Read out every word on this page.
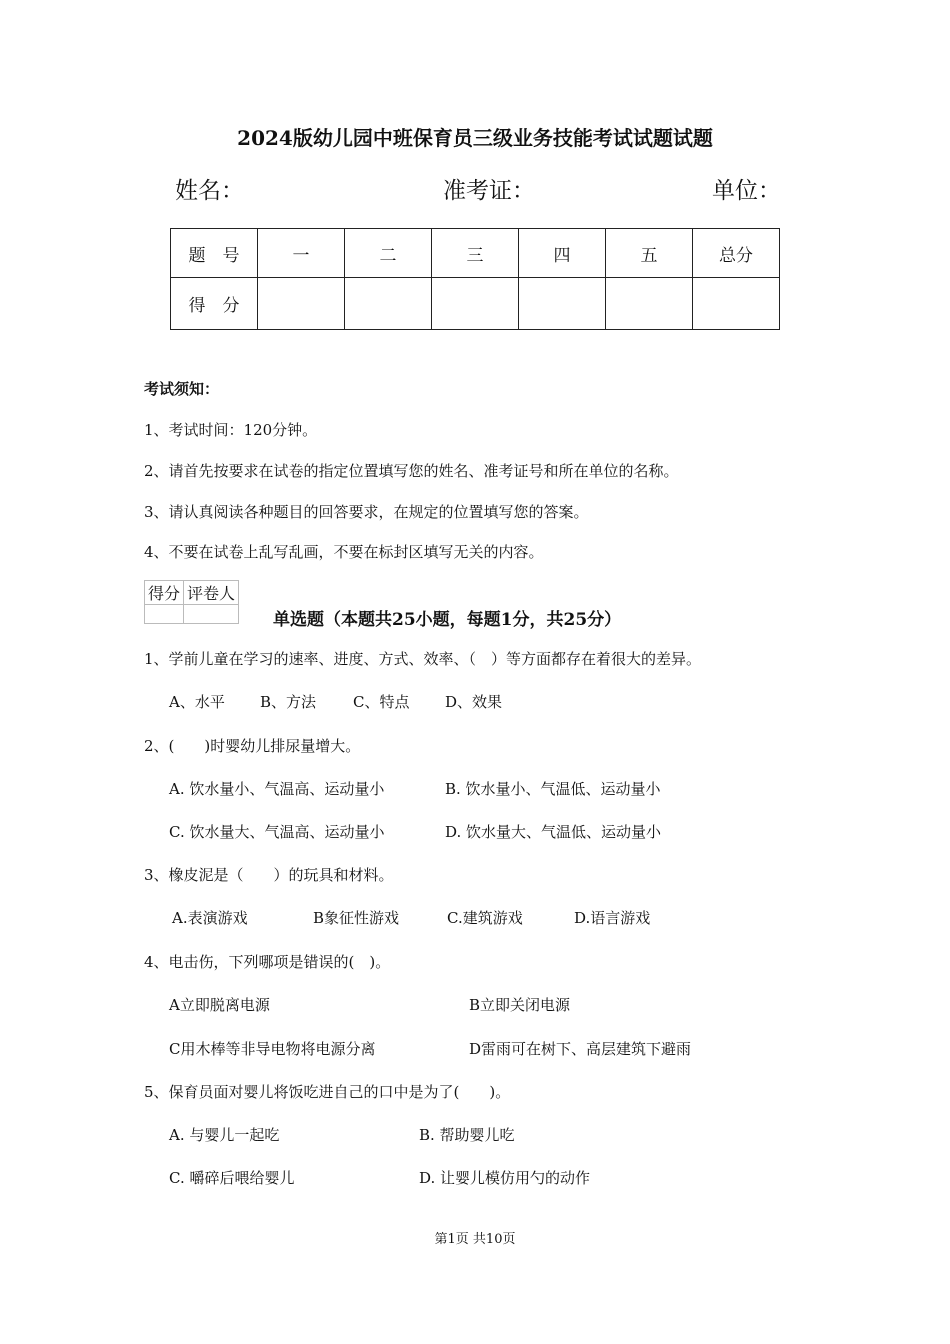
2024版幼儿园中班保育员三级业务技能考试试题试题
姓名：	准考证：	单位：
题　号	一	二	三	四	五	总分
得　分						
考试须知：
1、考试时间：120分钟。
2、请首先按要求在试卷的指定位置填写您的姓名、准考证号和所在单位的名称。
3、请认真阅读各种题目的回答要求，在规定的位置填写您的答案。
4、不要在试卷上乱写乱画，不要在标封区填写无关的内容。
得分	评卷人

单选题（本题共25小题，每题1分，共25分）
1、学前儿童在学习的速率、进度、方式、效率、（　）等方面都存在着很大的差异。
A、水平 B、方法 C、特点 D、效果
2、(　　)时婴幼儿排尿量增大。
A. 饮水量小、气温高、运动量小	B. 饮水量小、气温低、运动量小
C. 饮水量大、气温高、运动量小	D. 饮水量大、气温低、运动量小
3、橡皮泥是（　　）的玩具和材料。
A.表演游戏	B象征性游戏	C.建筑游戏	D.语言游戏
4、电击伤，下列哪项是错误的(　)。
A立即脱离电源	B立即关闭电源
C用木棒等非导电物将电源分离	D雷雨可在树下、高层建筑下避雨
5、保育员面对婴儿将饭吃进自己的口中是为了(　　)。
A. 与婴儿一起吃	B. 帮助婴儿吃
C. 嚼碎后喂给婴儿	D. 让婴儿模仿用勺的动作
第1页 共10页
